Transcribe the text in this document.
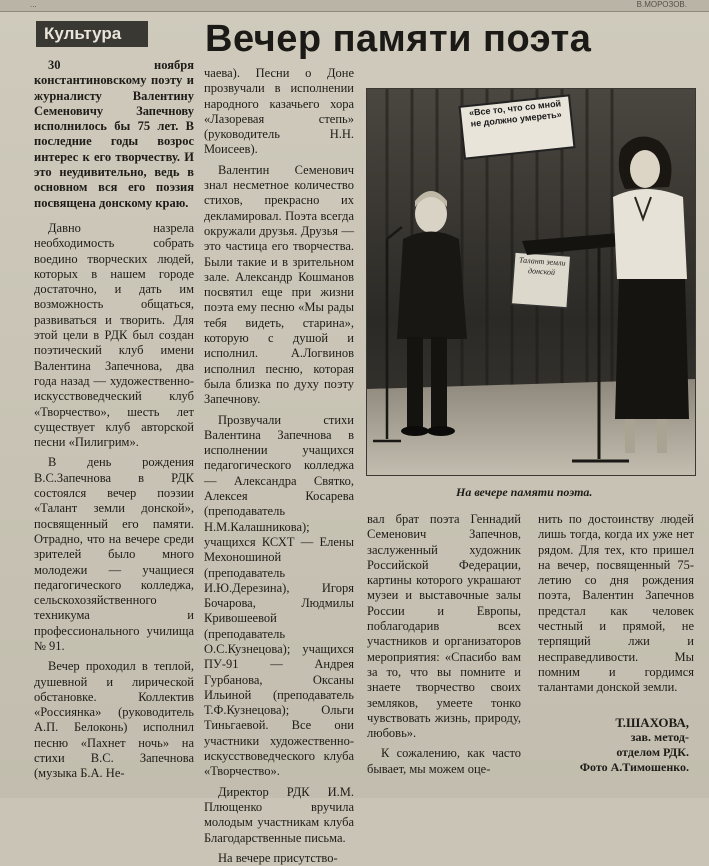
...	В.МОРОЗОВ.
Культура	Вечер памяти поэта

30 ноября константиновскому поэту и журналисту Валентину Семеновичу Запечнову исполнилось бы 75 лет. В последние годы возрос интерес к его творчеству. И это неудивительно, ведь в основном вся его поэзия посвящена донскому краю.

Давно назрела необходимость собрать воедино творческих людей, которых в нашем городе достаточно, и дать им возможность общаться, развиваться и творить. Для этой цели в РДК был создан поэтический клуб имени Валентина Запечнова, два года назад — художественно-искусствоведческий клуб «Творчество», шесть лет существует клуб авторской песни «Пилигрим».

В день рождения В.С.Запечнова в РДК состоялся вечер поэзии «Талант земли донской», посвященный его памяти. Отрадно, что на вечере среди зрителей было много молодежи — учащиеся педагогического колледжа, сельскохозяйственного техникума и профессионального училища № 91.

Вечер проходил в теплой, душевной и лирической обстановке. Коллектив «Россиянка» (руководитель А.П. Белоконь) исполнил песню «Пахнет ночь» на стихи В.С. Запечнова (музыка Б.А. Не-

чаева). Песни о Доне прозвучали в исполнении народного казачьего хора «Лазоревая степь» (руководитель Н.Н. Моисеев).

Валентин Семенович знал несметное количество стихов, прекрасно их декламировал. Поэта всегда окружали друзья. Друзья — это частица его творчества. Были такие и в зрительном зале. Александр Кошманов посвятил еще при жизни поэта ему песню «Мы рады тебя видеть, старина», которую с душой и исполнил. А.Логвинов исполнил песню, которая была близка по духу поэту Запечнову.

Прозвучали стихи Валентина Запечнова в исполнении учащихся педагогического колледжа — Александра Святко, Алексея Косарева (преподаватель Н.М.Калашникова); учащихся КСХТ — Елены Мехоношиной (преподаватель И.Ю.Дерезина), Игоря Бочарова, Людмилы Кривошеевой (преподаватель О.С.Кузнецова); учащихся ПУ-91 — Андрея Гурбанова, Оксаны Ильиной (преподаватель Т.Ф.Кузнецова); Ольги Тиньгаевой. Все они участники художественно-искусствоведческого клуба «Творчество».

Директор РДК И.М. Плющенко вручила молодым участникам клуба Благодарственные письма.

На вечере присутство-

«Все то, что со мной не должно умереть»
Талант земли донской
На вечере памяти поэта.

вал брат поэта Геннадий Семенович Запечнов, заслуженный художник Российской Федерации, картины которого украшают музеи и выставочные залы России и Европы, поблагодарив всех участников и организаторов мероприятия: «Спасибо вам за то, что вы помните и знаете творчество своих земляков, умеете тонко чувствовать жизнь, природу, любовь».

К сожалению, как часто бывает, мы можем оце-

нить по достоинству людей лишь тогда, когда их уже нет рядом. Для тех, кто пришел на вечер, посвященный 75-летию со дня рождения поэта, Валентин Запечнов предстал как человек честный и прямой, не терпящий лжи и несправедливости. Мы помним и гордимся талантами донской земли.

Т.ШАХОВА,
зав. метод-
отделом РДК.
Фото А.Тимошенко.
